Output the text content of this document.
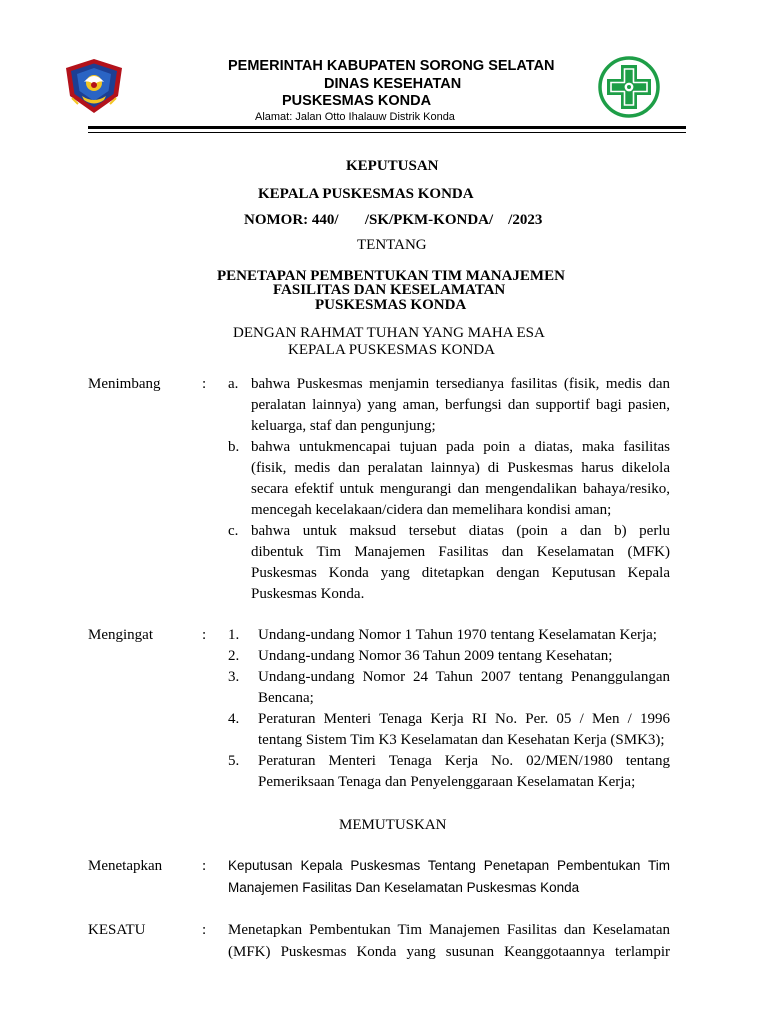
PEMERINTAH KABUPATEN SORONG SELATAN
DINAS KESEHATAN
PUSKESMAS KONDA
Alamat: Jalan Otto Ihalauw Distrik Konda
KEPUTUSAN
KEPALA PUSKESMAS KONDA
NOMOR: 440/       /SK/PKM-KONDA/    /2023
TENTANG
PENETAPAN PEMBENTUKAN TIM MANAJEMEN
FASILITAS DAN KESELAMATAN
PUSKESMAS KONDA
DENGAN RAHMAT TUHAN YANG MAHA ESA
KEPALA PUSKESMAS KONDA
Menimbang	: a. bahwa Puskesmas menjamin tersedianya fasilitas (fisik, medis dan
peralatan lainnya) yang aman, berfungsi dan supportif bagi pasien,
keluarga, staf dan pengunjung;
b. bahwa untukmencapai tujuan pada poin a diatas, maka fasilitas
(fisik, medis dan peralatan lainnya) di Puskesmas harus dikelola
secara efektif untuk mengurangi dan mengendalikan bahaya/resiko,
mencegah kecelakaan/cidera dan memelihara kondisi aman;
c. bahwa untuk maksud tersebut diatas (poin a dan b) perlu
dibentuk Tim Manajemen Fasilitas dan Keselamatan (MFK)
Puskesmas Konda yang ditetapkan dengan Keputusan Kepala
Puskesmas Konda.
Mengingat	: 1.	Undang-undang Nomor 1 Tahun 1970 tentang Keselamatan Kerja;
2.	Undang-undang Nomor 36 Tahun 2009 tentang Kesehatan;
3.	Undang-undang Nomor 24 Tahun 2007 tentang Penanggulangan
Bencana;
4.	Peraturan Menteri Tenaga Kerja RI No. Per. 05 / Men / 1996
tentang Sistem Tim K3 Keselamatan dan Kesehatan Kerja (SMK3);
5.	Peraturan Menteri Tenaga Kerja No. 02/MEN/1980 tentang
Pemeriksaan Tenaga dan Penyelenggaraan Keselamatan Kerja;
MEMUTUSKAN
Menetapkan	: Keputusan Kepala Puskesmas Tentang Penetapan Pembentukan Tim
Manajemen Fasilitas Dan Keselamatan Puskesmas Konda
KESATU	: Menetapkan Pembentukan Tim Manajemen Fasilitas dan Keselamatan
(MFK) Puskesmas Konda yang susunan Keanggotaannya terlampir
